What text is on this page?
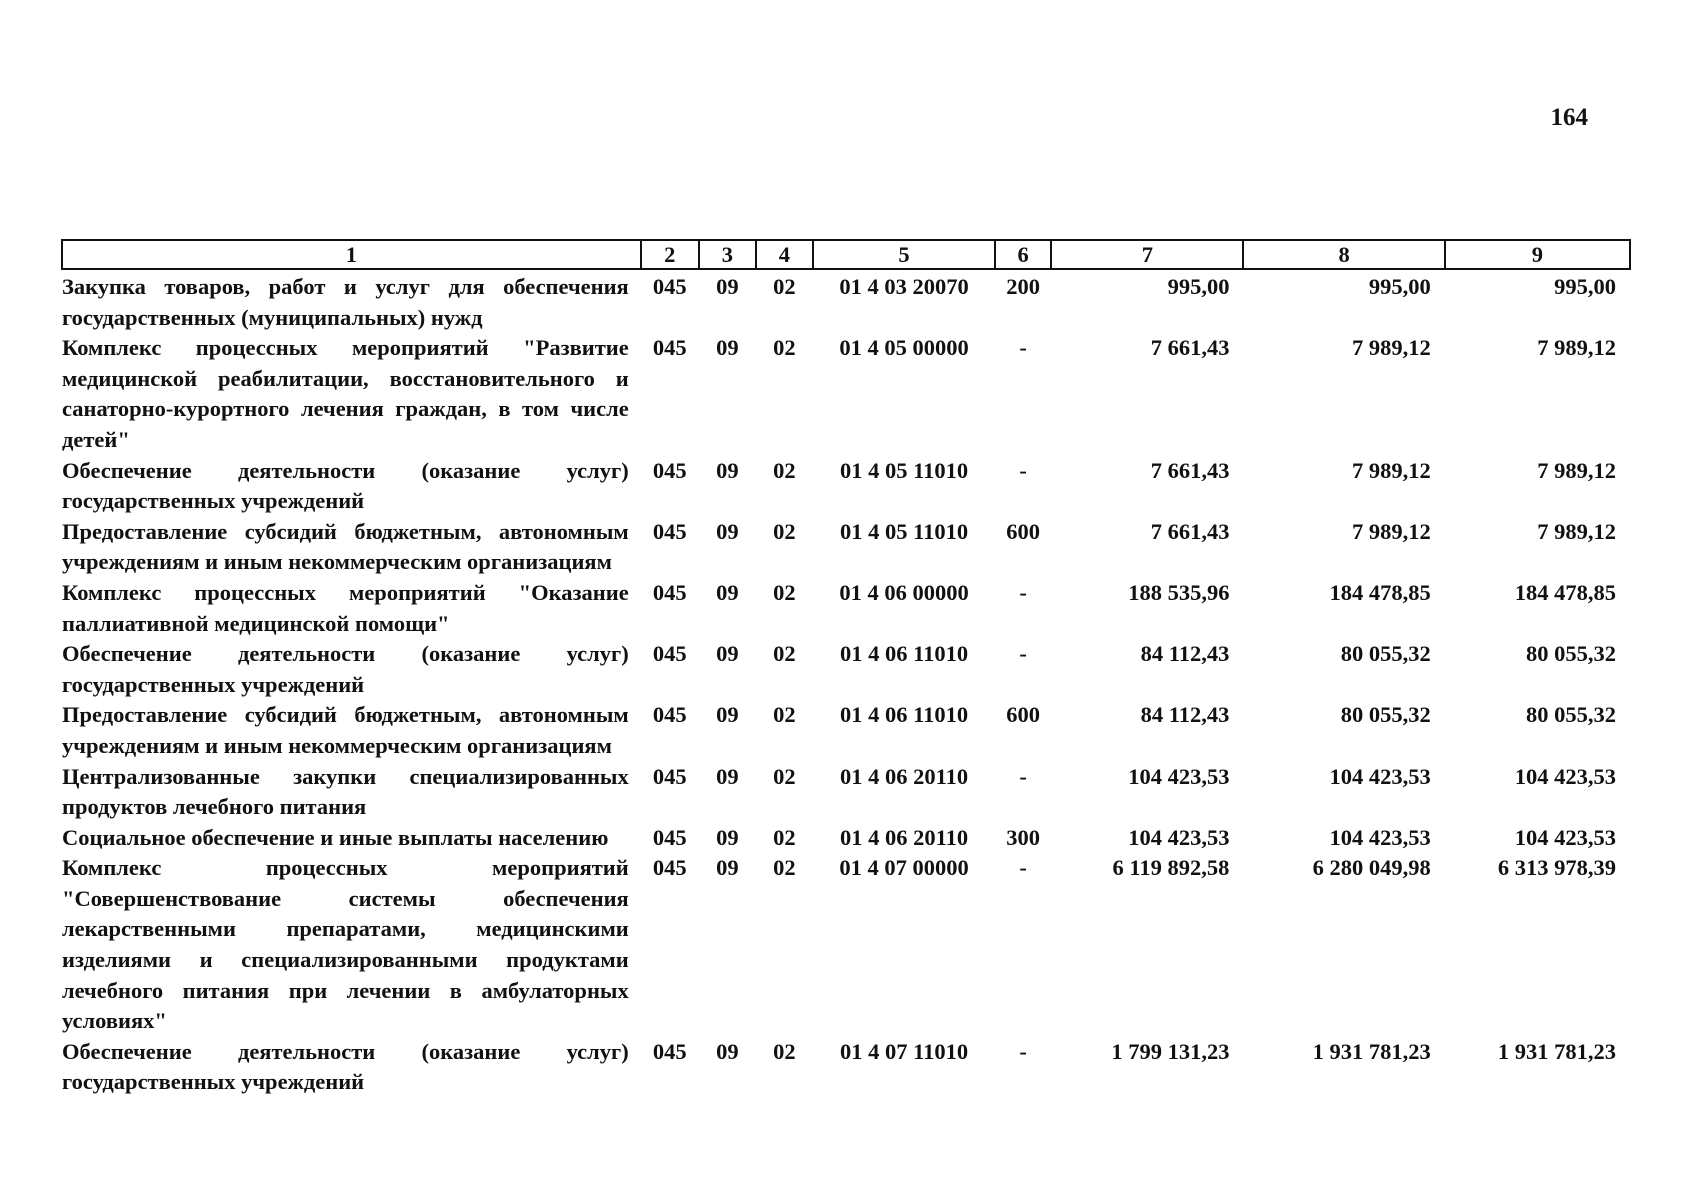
164
1	2	3	4	5	6	7	8	9
Закупка товаров, работ и услуг для обеспечения государственных (муниципальных) нужд	045	09	02	01 4 03 20070	200	995,00	995,00	995,00
Комплекс процессных мероприятий "Развитие медицинской реабилитации, восстановительного и санаторно-курортного лечения граждан, в том числе детей"	045	09	02	01 4 05 00000	-	7 661,43	7 989,12	7 989,12
Обеспечение деятельности (оказание услуг) государственных учреждений	045	09	02	01 4 05 11010	-	7 661,43	7 989,12	7 989,12
Предоставление субсидий бюджетным, автономным учреждениям и иным некоммерческим организациям	045	09	02	01 4 05 11010	600	7 661,43	7 989,12	7 989,12
Комплекс процессных мероприятий "Оказание паллиативной медицинской помощи"	045	09	02	01 4 06 00000	-	188 535,96	184 478,85	184 478,85
Обеспечение деятельности (оказание услуг) государственных учреждений	045	09	02	01 4 06 11010	-	84 112,43	80 055,32	80 055,32
Предоставление субсидий бюджетным, автономным учреждениям и иным некоммерческим организациям	045	09	02	01 4 06 11010	600	84 112,43	80 055,32	80 055,32
Централизованные закупки специализированных продуктов лечебного питания	045	09	02	01 4 06 20110	-	104 423,53	104 423,53	104 423,53
Социальное обеспечение и иные выплаты населению	045	09	02	01 4 06 20110	300	104 423,53	104 423,53	104 423,53
Комплекс процессных мероприятий "Совершенствование системы обеспечения лекарственными препаратами, медицинскими изделиями и специализированными продуктами лечебного питания при лечении в амбулаторных условиях"	045	09	02	01 4 07 00000	-	6 119 892,58	6 280 049,98	6 313 978,39
Обеспечение деятельности (оказание услуг) государственных учреждений	045	09	02	01 4 07 11010	-	1 799 131,23	1 931 781,23	1 931 781,23
